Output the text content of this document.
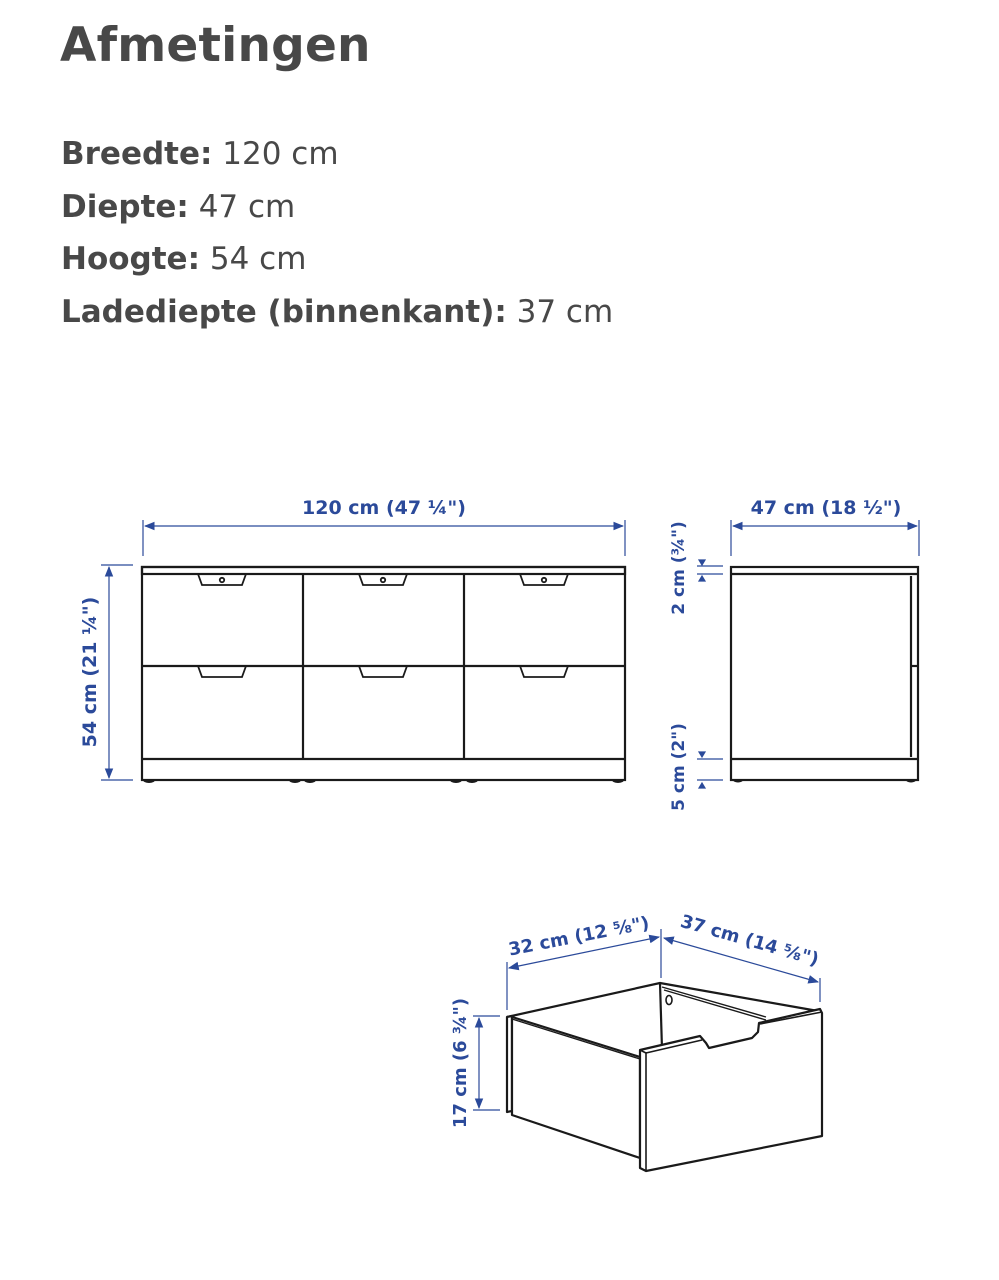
Afmetingen
Breedte: 120 cm
Diepte: 47 cm
Hoogte: 54 cm
Ladediepte (binnenkant): 37 cm
120 cm (47 ¼")
54 cm (21 ¼")
47 cm (18 ½")
2 cm (¾")
5 cm (2")
32 cm (12 ⅝") 37 cm (14 ⅝")
17 cm (6 ¾")
